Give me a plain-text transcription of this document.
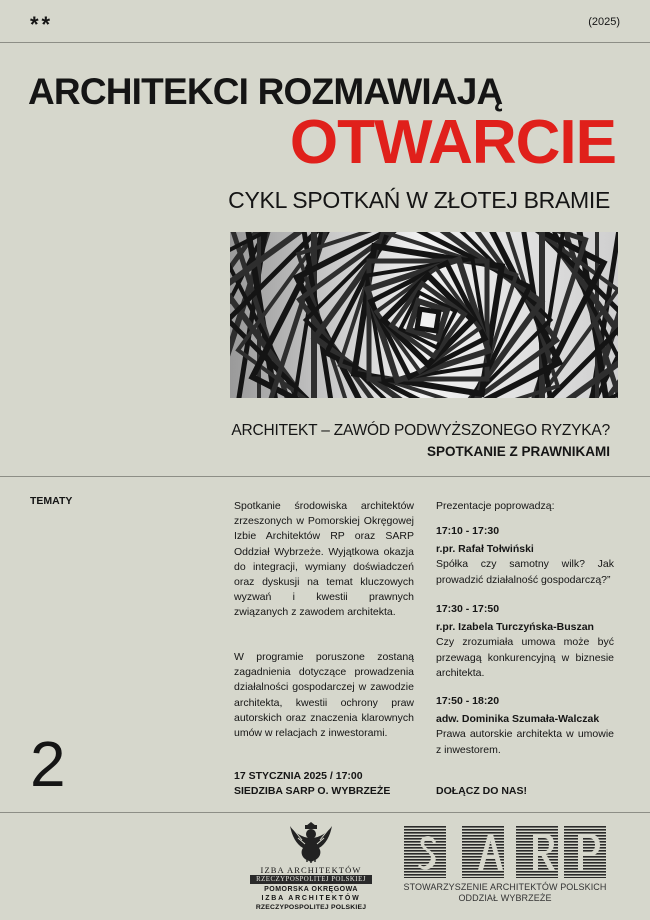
**	(2025)
ARCHITEKCI ROZMAWIAJĄ
OTWARCIE
CYKL SPOTKAŃ W ZŁOTEJ BRAMIE
ARCHITEKT – ZAWÓD PODWYŻSZONEGO RYZYKA?
SPOTKANIE Z PRAWNIKAMI
TEMATY
2

Spotkanie środowiska architektów zrzeszonych w Pomorskiej Okręgowej Izbie Architektów RP oraz SARP Oddział Wybrzeże. Wyjątkowa okazja do integracji, wymiany doświadczeń oraz dyskusji na temat kluczowych wyzwań i kwestii prawnych związanych z zawodem architekta.

W programie poruszone zostaną zagadnienia dotyczące prowadzenia działalności gospodarczej w zawodzie architekta, kwestii ochrony praw autorskich oraz znaczenia klarownych umów w relacjach z inwestorami.

17 STYCZNIA 2025 / 17:00
SIEDZIBA SARP O. WYBRZEŻE
Prezentacje poprowadzą:
17:10 - 17:30
r.pr. Rafał Tołwiński
Spółka czy samotny wilk? Jak prowadzić działalność gospodarczą?”
17:30 - 17:50
r.pr. Izabela Turczyńska-Buszan
Czy zrozumiała umowa może być przewagą konkurencyjną w biznesie architekta.
17:50 - 18:20
adw. Dominika Szumała-Walczak
Prawa autorskie architekta w umowie z inwestorem.
DOŁĄCZ DO NAS!
IZBA ARCHITEKTÓW
RZECZYPOSPOLITEJ POLSKIEJ
POMORSKA OKRĘGOWA
IZBA ARCHITEKTÓW
RZECZYPOSPOLITEJ POLSKIEJ
STOWARZYSZENIE ARCHITEKTÓW POLSKICH
ODDZIAŁ WYBRZEŻE
